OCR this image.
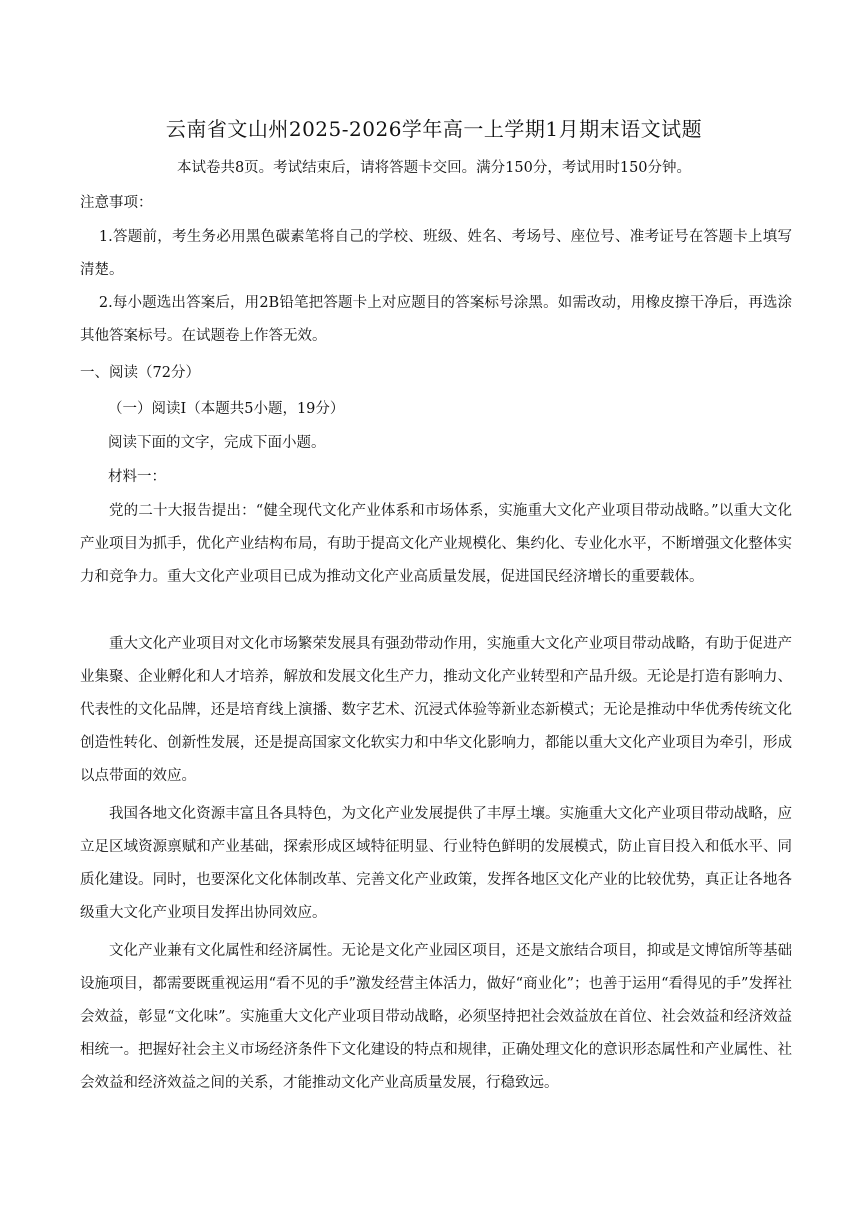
云南省文山州2025-2026学年高一上学期1月期末语文试题
本试卷共8页。考试结束后，请将答题卡交回。满分150分，考试用时150分钟。
注意事项：
1.答题前，考生务必用黑色碳素笔将自己的学校、班级、姓名、考场号、座位号、准考证号在答题卡上填写清楚。
2.每小题选出答案后，用2B铅笔把答题卡上对应题目的答案标号涂黑。如需改动，用橡皮擦干净后，再选涂其他答案标号。在试题卷上作答无效。
一、阅读（72分）
（一）阅读Ⅰ（本题共5小题，19分）
阅读下面的文字，完成下面小题。
材料一：
党的二十大报告提出：“健全现代文化产业体系和市场体系，实施重大文化产业项目带动战略。”以重大文化产业项目为抓手，优化产业结构布局，有助于提高文化产业规模化、集约化、专业化水平，不断增强文化整体实力和竞争力。重大文化产业项目已成为推动文化产业高质量发展，促进国民经济增长的重要载体。
重大文化产业项目对文化市场繁荣发展具有强劲带动作用，实施重大文化产业项目带动战略，有助于促进产业集聚、企业孵化和人才培养，解放和发展文化生产力，推动文化产业转型和产品升级。无论是打造有影响力、代表性的文化品牌，还是培育线上演播、数字艺术、沉浸式体验等新业态新模式；无论是推动中华优秀传统文化创造性转化、创新性发展，还是提高国家文化软实力和中华文化影响力，都能以重大文化产业项目为牵引，形成以点带面的效应。
我国各地文化资源丰富且各具特色，为文化产业发展提供了丰厚土壤。实施重大文化产业项目带动战略，应立足区域资源禀赋和产业基础，探索形成区域特征明显、行业特色鲜明的发展模式，防止盲目投入和低水平、同质化建设。同时，也要深化文化体制改革、完善文化产业政策，发挥各地区文化产业的比较优势，真正让各地各级重大文化产业项目发挥出协同效应。
文化产业兼有文化属性和经济属性。无论是文化产业园区项目，还是文旅结合项目，抑或是文博馆所等基础设施项目，都需要既重视运用“看不见的手”激发经营主体活力，做好“商业化”；也善于运用“看得见的手”发挥社会效益，彰显“文化味”。实施重大文化产业项目带动战略，必须坚持把社会效益放在首位、社会效益和经济效益相统一。把握好社会主义市场经济条件下文化建设的特点和规律，正确处理文化的意识形态属性和产业属性、社会效益和经济效益之间的关系，才能推动文化产业高质量发展，行稳致远。
